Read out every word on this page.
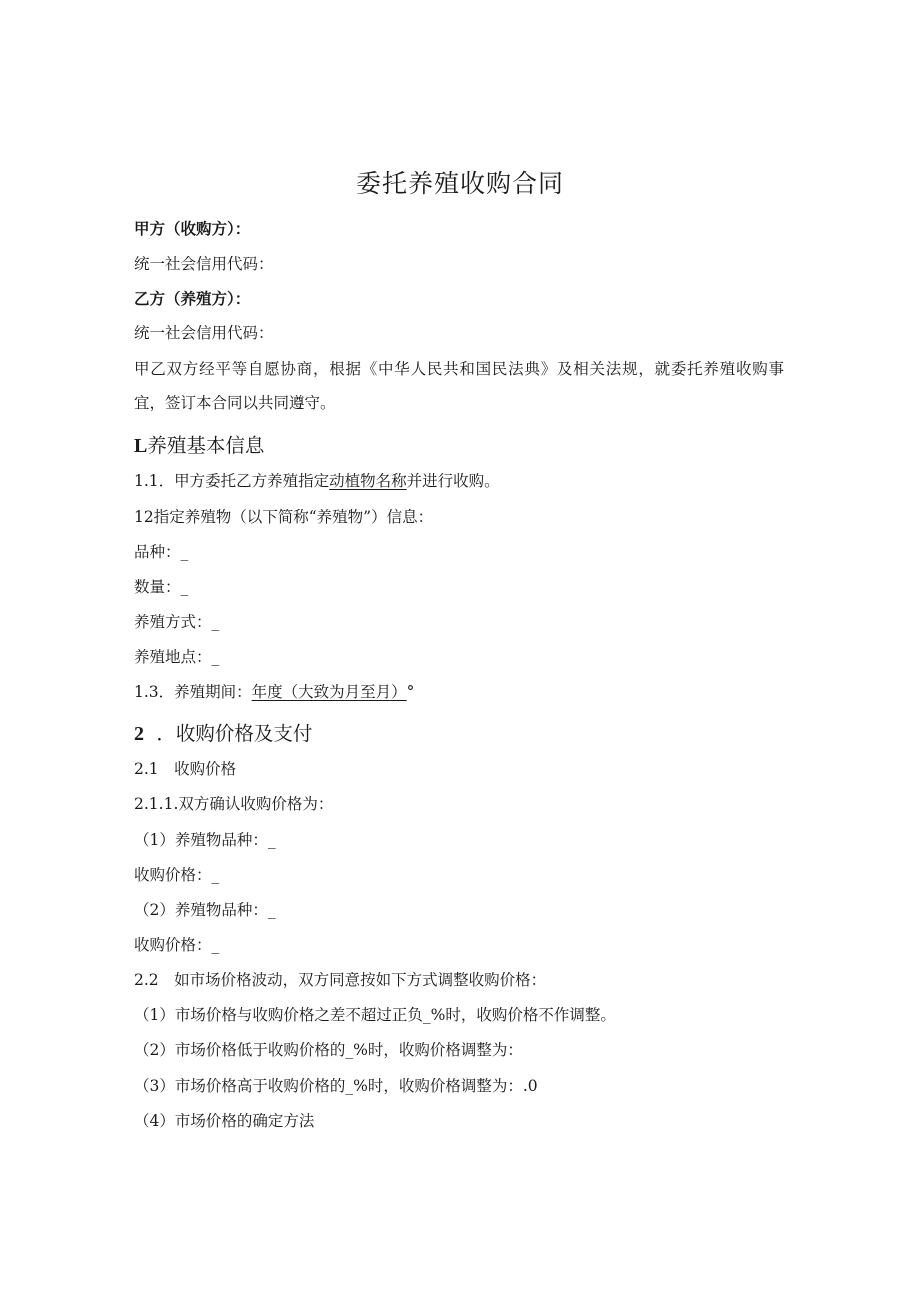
委托养殖收购合同
甲方（收购方）：
统一社会信用代码：
乙方（养殖方）：
统一社会信用代码：
甲乙双方经平等自愿协商，根据《中华人民共和国民法典》及相关法规，就委托养殖收购事宜，签订本合同以共同遵守。
L养殖基本信息
1.1．甲方委托乙方养殖指定动植物名称并进行收购。
12指定养殖物（以下简称“养殖物”）信息：
品种：_
数量：_
养殖方式：_
养殖地点：_
1.3．养殖期间：年度（大致为月至月）°
2 ．收购价格及支付
2.1　收购价格
2.1.1.双方确认收购价格为：
（1）养殖物品种：_
收购价格：_
（2）养殖物品种：_
收购价格：_
2.2　如市场价格波动，双方同意按如下方式调整收购价格：
（1）市场价格与收购价格之差不超过正负_%时，收购价格不作调整。
（2）市场价格低于收购价格的_%时，收购价格调整为：
（3）市场价格高于收购价格的_%时，收购价格调整为：.0
（4）市场价格的确定方法
